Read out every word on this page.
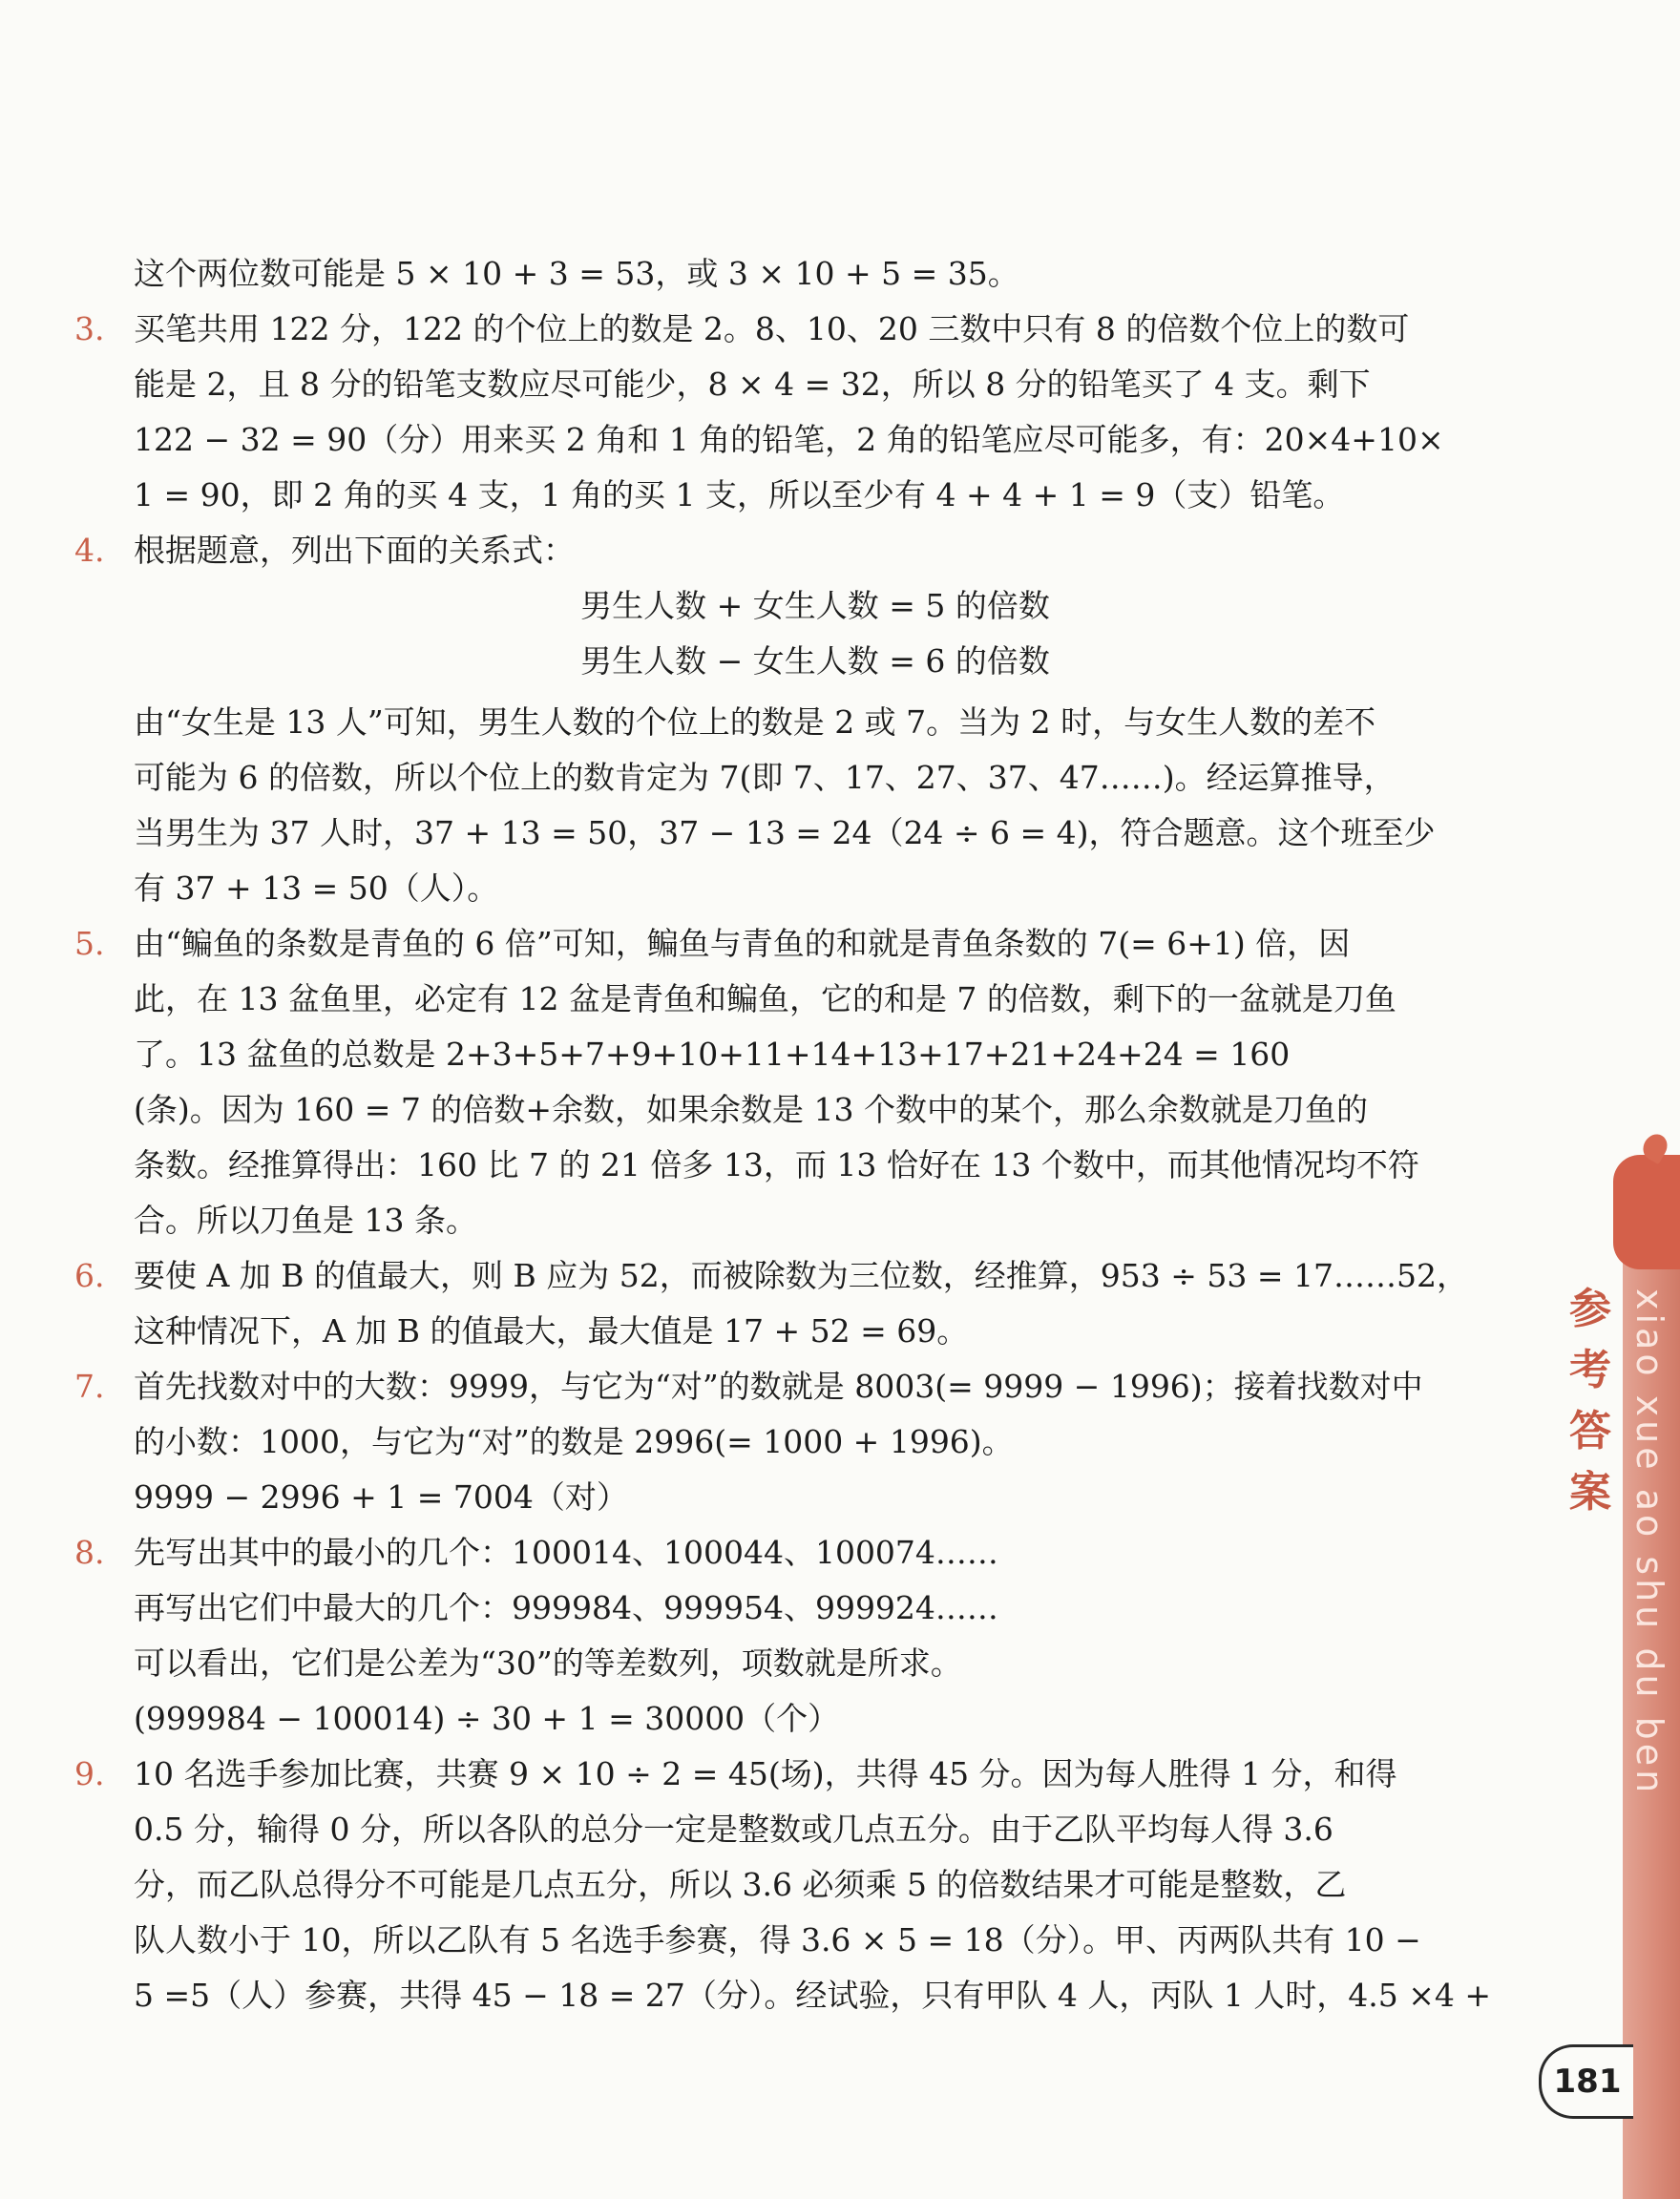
参
考
答
案 xiao xue ao shu du ben
181
这个两位数可能是 5 × 10 + 3 = 53，或 3 × 10 + 5 = 35。
3. 买笔共用 122 分，122 的个位上的数是 2。8、10、20 三数中只有 8 的倍数个位上的数可
能是 2，且 8 分的铅笔支数应尽可能少，8 × 4 = 32，所以 8 分的铅笔买了 4 支。剩下
122 − 32 = 90（分）用来买 2 角和 1 角的铅笔，2 角的铅笔应尽可能多，有：20×4+10×
1 = 90，即 2 角的买 4 支，1 角的买 1 支，所以至少有 4 + 4 + 1 = 9（支）铅笔。
4. 根据题意，列出下面的关系式：
男生人数 + 女生人数 = 5 的倍数
男生人数 − 女生人数 = 6 的倍数
由“女生是 13 人”可知，男生人数的个位上的数是 2 或 7。当为 2 时，与女生人数的差不
可能为 6 的倍数，所以个位上的数肯定为 7(即 7、17、27、37、47……)。经运算推导，
当男生为 37 人时，37 + 13 = 50，37 − 13 = 24（24 ÷ 6 = 4)，符合题意。这个班至少
有 37 + 13 = 50（人）。
5. 由“鳊鱼的条数是青鱼的 6 倍”可知，鳊鱼与青鱼的和就是青鱼条数的 7(= 6+1) 倍，因
此，在 13 盆鱼里，必定有 12 盆是青鱼和鳊鱼，它的和是 7 的倍数，剩下的一盆就是刀鱼
了。13 盆鱼的总数是 2+3+5+7+9+10+11+14+13+17+21+24+24 = 160
(条)。因为 160 = 7 的倍数+余数，如果余数是 13 个数中的某个，那么余数就是刀鱼的
条数。经推算得出：160 比 7 的 21 倍多 13，而 13 恰好在 13 个数中，而其他情况均不符
合。所以刀鱼是 13 条。
6. 要使 A 加 B 的值最大，则 B 应为 52，而被除数为三位数，经推算，953 ÷ 53 = 17……52，
这种情况下，A 加 B 的值最大，最大值是 17 + 52 = 69。
7. 首先找数对中的大数：9999，与它为“对”的数就是 8003(= 9999 − 1996)；接着找数对中
的小数：1000，与它为“对”的数是 2996(= 1000 + 1996)。
9999 − 2996 + 1 = 7004（对）
8. 先写出其中的最小的几个：100014、100044、100074……
再写出它们中最大的几个：999984、999954、999924……
可以看出，它们是公差为“30”的等差数列，项数就是所求。
(999984 − 100014) ÷ 30 + 1 = 30000（个）
9. 10 名选手参加比赛，共赛 9 × 10 ÷ 2 = 45(场)，共得 45 分。因为每人胜得 1 分，和得
0.5 分，输得 0 分，所以各队的总分一定是整数或几点五分。由于乙队平均每人得 3.6
分，而乙队总得分不可能是几点五分，所以 3.6 必须乘 5 的倍数结果才可能是整数，乙
队人数小于 10，所以乙队有 5 名选手参赛，得 3.6 × 5 = 18（分）。甲、丙两队共有 10 −
5 =5（人）参赛，共得 45 − 18 = 27（分）。经试验，只有甲队 4 人，丙队 1 人时，4.5 ×4 +
